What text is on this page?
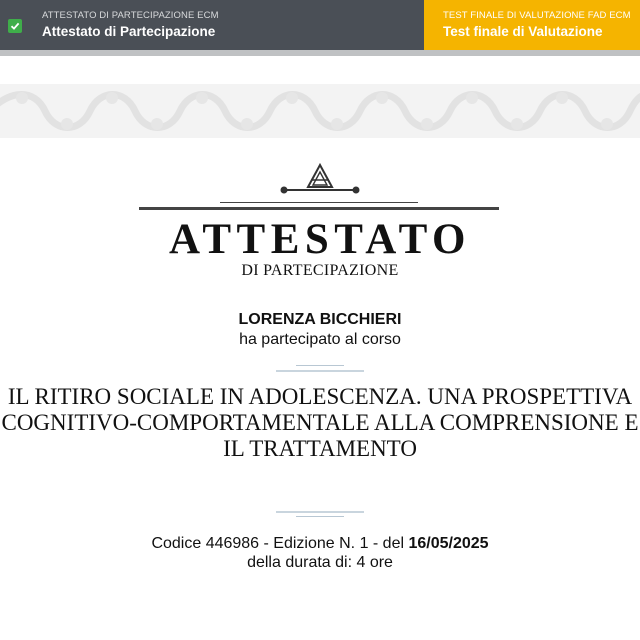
ATTESTATO DI PARTECIPAZIONE ECM
Attestato di Partecipazione
TEST FINALE DI VALUTAZIONE FAD ECM
Test finale di Valutazione
ATTESTATO
DI PARTECIPAZIONE
LORENZA BICCHIERI
ha partecipato al corso
IL RITIRO SOCIALE IN ADOLESCENZA. UNA PROSPETTIVA
COGNITIVO-COMPORTAMENTALE ALLA COMPRENSIONE E
IL TRATTAMENTO
Codice 446986 - Edizione N. 1 - del 16/05/2025
della durata di: 4 ore
